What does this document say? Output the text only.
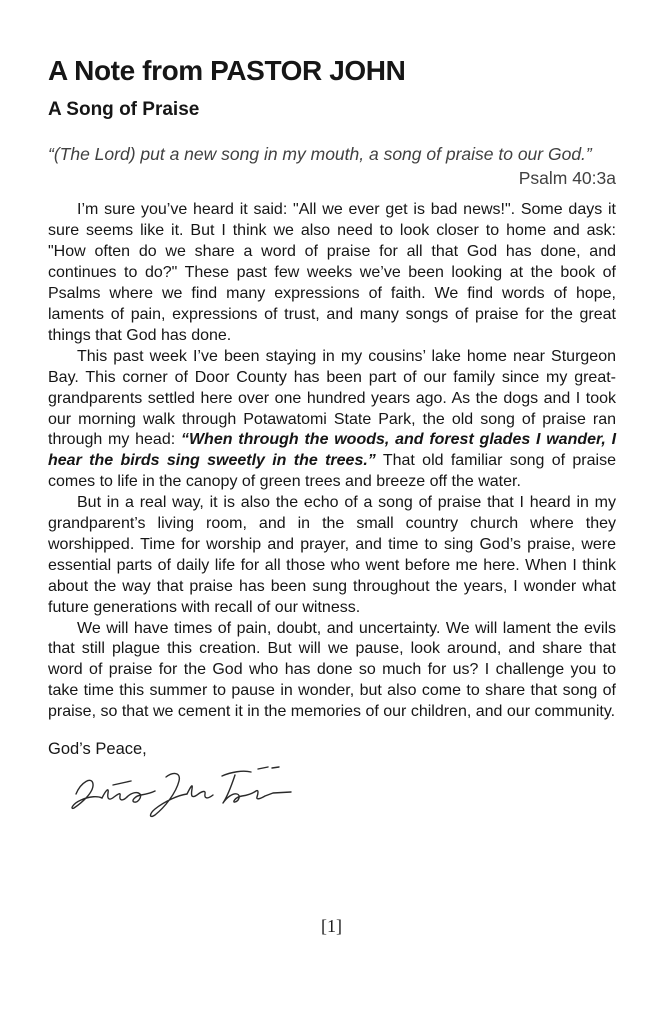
A Note from PASTOR JOHN
A Song of Praise

“(The Lord) put a new song in my mouth, a song of praise to our God.”

Psalm 40:3a

I’m sure you’ve heard it said: "All we ever get is bad news!". Some days it sure seems like it. But I think we also need to look closer to home and ask: "How often do we share a word of praise for all that God has done, and continues to do?" These past few weeks we’ve been looking at the book of Psalms where we find many expressions of faith. We find words of hope, laments of pain, expressions of trust, and many songs of praise for the great things that God has done.

This past week I’ve been staying in my cousins’ lake home near Sturgeon Bay. This corner of Door County has been part of our family since my great-grandparents settled here over one hundred years ago. As the dogs and I took our morning walk through Potawatomi State Park, the old song of praise ran through my head: “When through the woods, and forest glades I wander, I hear the birds sing sweetly in the trees.” That old familiar song of praise comes to life in the canopy of green trees and breeze off the water.

But in a real way, it is also the echo of a song of praise that I heard in my grandparent’s living room, and in the small country church where they worshipped. Time for worship and prayer, and time to sing God’s praise, were essential parts of daily life for all those who went before me here. When I think about the way that praise has been sung throughout the years, I wonder what future generations with recall of our witness.

We will have times of pain, doubt, and uncertainty. We will lament the evils that still plague this creation. But will we pause, look around, and share that word of praise for the God who has done so much for us? I challenge you to take time this summer to pause in wonder, but also come to share that song of praise, so that we cement it in the memories of our children, and our community.

God’s Peace,

[1]
